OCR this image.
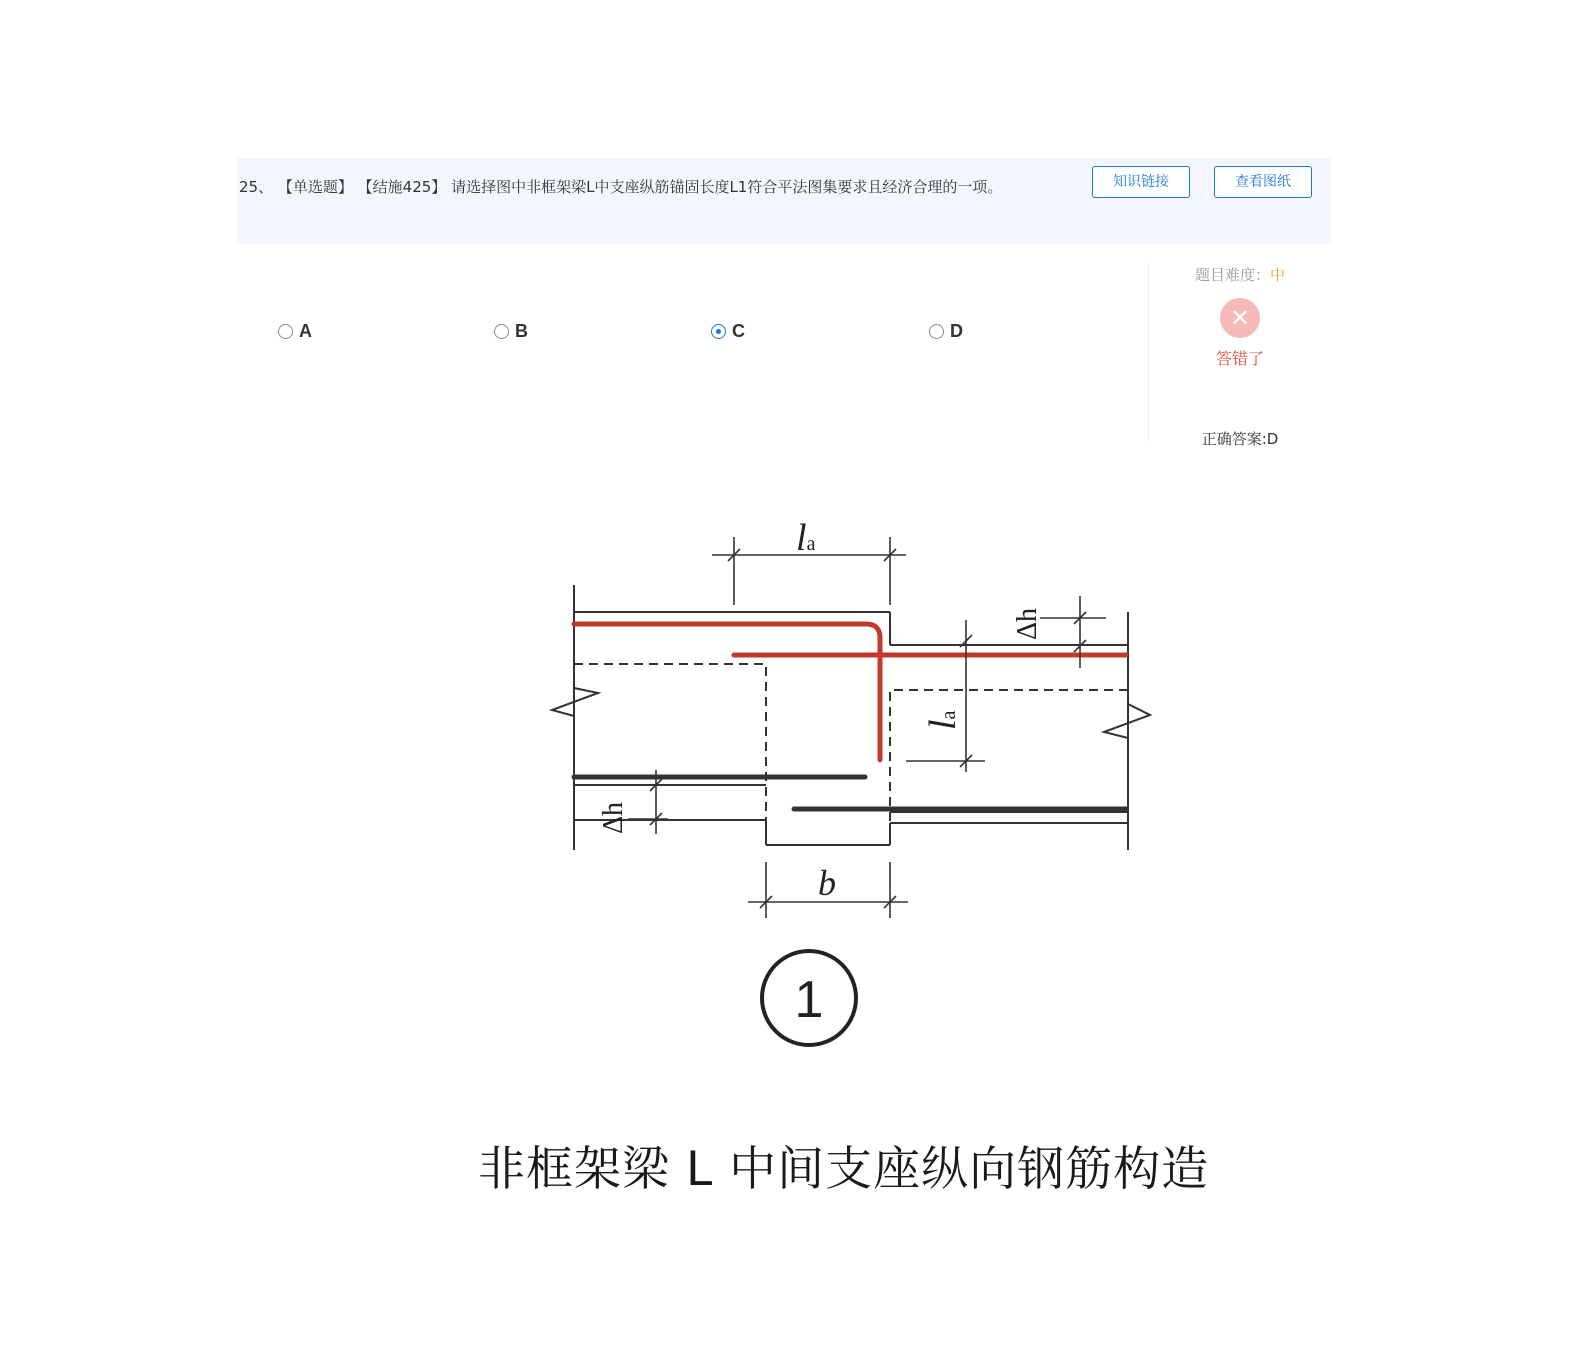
25、 【单选题】 【结施425】 请选择图中非框架梁L中支座纵筋锚固长度L1符合平法图集要求且经济合理的一项。	知识链接	查看图纸
A	B	C	D
题目难度：中
✕
答错了
正确答案:D
la
la
Δh
Δh
b
1
非框架梁 L 中间支座纵向钢筋构造
